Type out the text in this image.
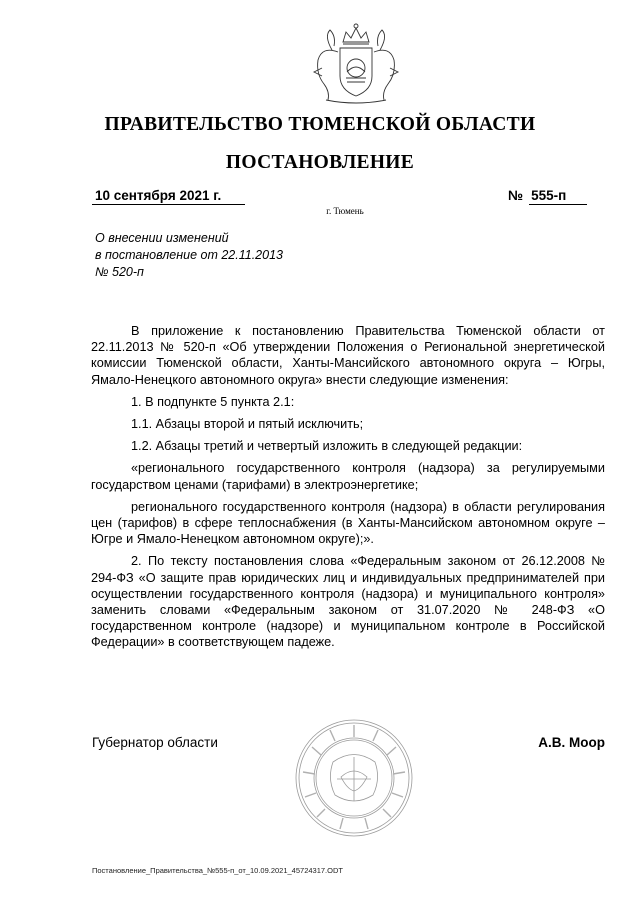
ПРАВИТЕЛЬСТВО ТЮМЕНСКОЙ ОБЛАСТИ
ПОСТАНОВЛЕНИЕ
10 сентября 2021 г.	№ 555-п
г. Тюмень
О внесении изменений
в постановление от 22.11.2013
№ 520-п

В приложение к постановлению Правительства Тюменской области от 22.11.2013 № 520-п «Об утверждении Положения о Региональной энергетической комиссии Тюменской области, Ханты-Мансийского автономного округа – Югры, Ямало-Ненецкого автономного округа» внести следующие изменения:

1. В подпункте 5 пункта 2.1:

1.1. Абзацы второй и пятый исключить;

1.2. Абзацы третий и четвертый изложить в следующей редакции:

«регионального государственного контроля (надзора) за регулируемыми государством ценами (тарифами) в электроэнергетике;

регионального государственного контроля (надзора) в области регулирования цен (тарифов) в сфере теплоснабжения (в Ханты-Мансийском автономном округе – Югре и Ямало-Ненецком автономном округе);».

2. По тексту постановления слова «Федеральным законом от 26.12.2008 № 294-ФЗ «О защите прав юридических лиц и индивидуальных предпринимателей при осуществлении государственного контроля (надзора) и муниципального контроля» заменить словами «Федеральным законом от 31.07.2020 № 248-ФЗ «О государственном контроле (надзоре) и муниципальном контроле в Российской Федерации» в соответствующем падеже.

Губернатор области	А.В. Моор
Постановление_Правительства_№555-п_от_10.09.2021_45724317.ODT
